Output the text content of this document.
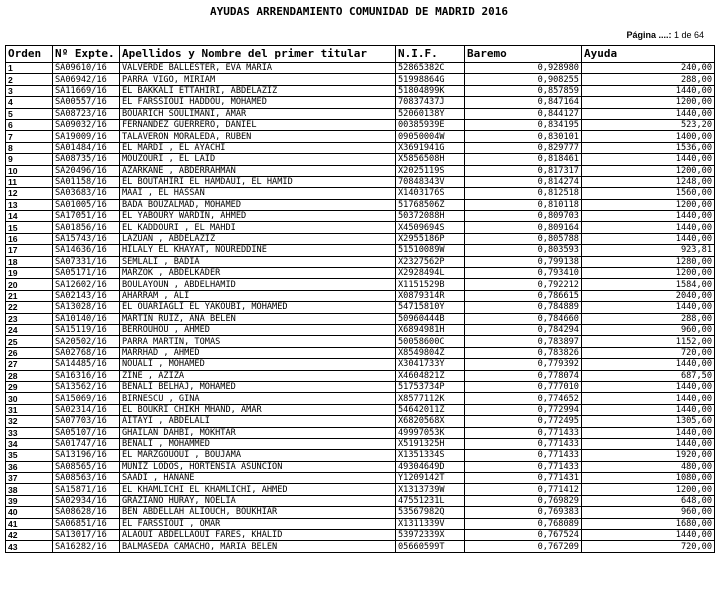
AYUDAS ARRENDAMIENTO COMUNIDAD DE MADRID 2016
Página ....: 1 de 64
Orden	Nº Expte.	Apellidos y Nombre del primer titular	N.I.F.	Baremo	Ayuda
1	SA09610/16	VALVERDE BALLESTER, EVA MARIA	52865382C	0,928980	240,00
2	SA06942/16	PARRA VIGO, MIRIAM	51998864G	0,908255	288,00
3	SA11669/16	EL BAKKALI ETTAHIRI, ABDELAZIZ	51804899K	0,857859	1440,00
4	SA00557/16	EL FARSSIOUI HADDOU, MOHAMED	70837437J	0,847164	1200,00
5	SA08723/16	BOUARICH SOULIMANI, AMAR	52060138Y	0,844127	1440,00
6	SA09032/16	FERNANDEZ GUERRERO, DANIEL	00385939E	0,834195	523,20
7	SA19009/16	TALAVERON MORALEDA, RUBEN	09050004W	0,830101	1400,00
8	SA01484/16	EL MARDI , EL AYACHI	X3691941G	0,829777	1536,00
9	SA08735/16	MOUZOURI , EL LAID	X5856508H	0,818461	1440,00
10	SA20496/16	AZARKANE , ABDERRAHMAN	X2025119S	0,817317	1200,00
11	SA01158/16	EL BOUTAHIRI EL HAMDAUI, EL HAMID	70848343V	0,814274	1248,00
12	SA03683/16	MAAI , EL HASSAN	X1403176S	0,812518	1560,00
13	SA01005/16	BADA BOUZALMAD, MOHAMED	51768506Z	0,810118	1200,00
14	SA17051/16	EL YABOURY WARDIN, AHMED	50372088H	0,809703	1440,00
15	SA01856/16	EL KADDOURI , EL MAHDI	X4509694S	0,809164	1440,00
16	SA15743/16	LAZUAN , ABDELAZIZ	X2955186P	0,805788	1440,00
17	SA14636/16	HILALY EL KHAYAT, NOUREDDINE	51510089W	0,803593	923,81
18	SA07331/16	SEMLALI , BADIA	X2327562P	0,799138	1280,00
19	SA05171/16	MARZOK , ABDELKADER	X2928494L	0,793410	1200,00
20	SA12602/16	BOULAYOUN , ABDELHAMID	X1151529B	0,792212	1584,00
21	SA02143/16	AHARRAM , ALI	X0879314R	0,786615	2040,00
22	SA13028/16	EL OUARIAGLI EL YAKOUBI, MOHAMED	54715810Y	0,784889	1440,00
23	SA10140/16	MARTIN RUIZ, ANA BELEN	50960444B	0,784660	288,00
24	SA15119/16	BERROUHOU , AHMED	X6894981H	0,784294	960,00
25	SA20502/16	PARRA MARTIN, TOMAS	50058600C	0,783897	1152,00
26	SA02768/16	MARRHAD , AHMED	X8549804Z	0,783826	720,00
27	SA14485/16	NOUALI , MOHAMED	X3041733Y	0,779392	1440,00
28	SA16316/16	ZINE , AZIZA	X4604821Z	0,778074	687,50
29	SA13562/16	BENALI BELHAJ, MOHAMED	51753734P	0,777010	1440,00
30	SA15069/16	BIRNESCU , GINA	X8577112K	0,774652	1440,00
31	SA02314/16	EL BOUKRI CHIKH MHAND, AMAR	54642011Z	0,772994	1440,00
32	SA07703/16	AITAYI , ABDELALI	X6820568X	0,772495	1305,60
33	SA05107/16	GHAILAN DAHBI, MOKHTAR	49997053K	0,771433	1440,00
34	SA01747/16	BENALI , MOHAMMED	X5191325H	0,771433	1440,00
35	SA13196/16	EL MARZGOUOUI , BOUJAMA	X1351334S	0,771433	1920,00
36	SA08565/16	MUÑIZ LODOS, HORTENSIA ASUNCION	49304649D	0,771433	480,00
37	SA08563/16	SAADI , HANANE	Y1209142T	0,771431	1080,00
38	SA15871/16	EL KHAMLICHI EL KHAMLICHI, AHMED	X1313739W	0,771412	1200,00
39	SA02934/16	GRAZIANO HURAY, NOELIA	47551231L	0,769829	648,00
40	SA08628/16	BEN ABDELLAH ALIOUCH, BOUKHIAR	53567982Q	0,769383	960,00
41	SA06851/16	EL FARSSIOUI , OMAR	X1311339V	0,768089	1680,00
42	SA13017/16	ALAOUI ABDELLAOUI FARES, KHALID	53972339X	0,767524	1440,00
43	SA16282/16	BALMASEDA CAMACHO, MARIA BELEN	05660599T	0,767209	720,00
